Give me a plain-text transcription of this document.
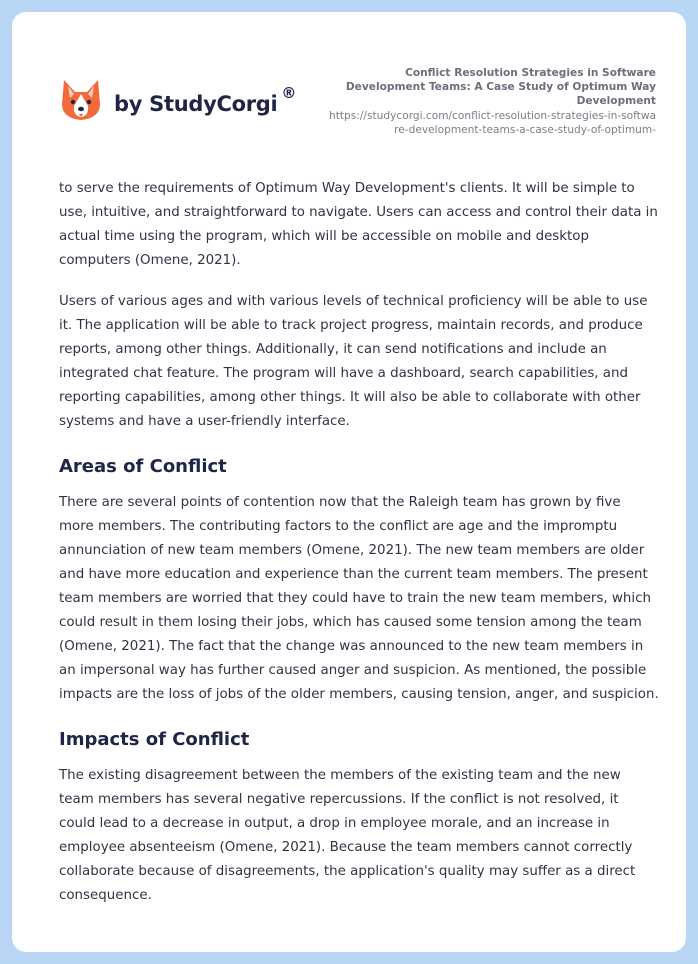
by StudyCorgi ®
Conflict Resolution Strategies in Software Development Teams: A Case Study of Optimum Way Development
https://studycorgi.com/conflict-resolution-strategies-in-software-development-teams-a-case-study-of-optimum-

to serve the requirements of Optimum Way Development's clients. It will be simple to use, intuitive, and straightforward to navigate. Users can access and control their data in actual time using the program, which will be accessible on mobile and desktop computers (Omene, 2021).

Users of various ages and with various levels of technical proficiency will be able to use it. The application will be able to track project progress, maintain records, and produce reports, among other things. Additionally, it can send notifications and include an integrated chat feature. The program will have a dashboard, search capabilities, and reporting capabilities, among other things. It will also be able to collaborate with other systems and have a user-friendly interface.

Areas of Conflict

There are several points of contention now that the Raleigh team has grown by five more members. The contributing factors to the conflict are age and the impromptu annunciation of new team members (Omene, 2021). The new team members are older and have more education and experience than the current team members. The present team members are worried that they could have to train the new team members, which could result in them losing their jobs, which has caused some tension among the team (Omene, 2021). The fact that the change was announced to the new team members in an impersonal way has further caused anger and suspicion. As mentioned, the possible impacts are the loss of jobs of the older members, causing tension, anger, and suspicion.

Impacts of Conflict

The existing disagreement between the members of the existing team and the new team members has several negative repercussions. If the conflict is not resolved, it could lead to a decrease in output, a drop in employee morale, and an increase in employee absenteeism (Omene, 2021). Because the team members cannot correctly collaborate because of disagreements, the application's quality may suffer as a direct consequence.
